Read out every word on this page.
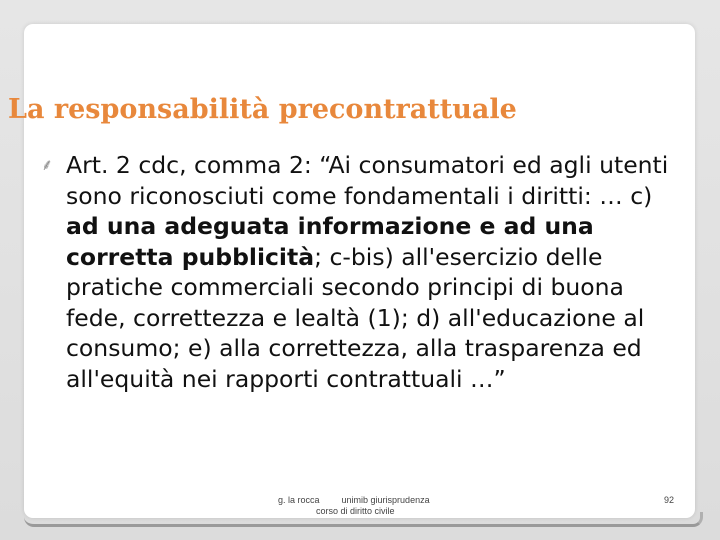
La responsabilità precontrattuale

⸙ Art. 2 cdc, comma 2: “Ai consumatori ed agli utenti sono riconosciuti come fondamentali i diritti: … c) ad una adeguata informazione e ad una corretta pubblicità; c-bis) all'esercizio delle pratiche commerciali secondo principi di buona fede, correttezza e lealtà (1); d) all'educazione al consumo; e) alla correttezza, alla trasparenza ed all'equità nei rapporti contrattuali …”

g. la rocca unimib giurisprudenza
corso di diritto civile
92
